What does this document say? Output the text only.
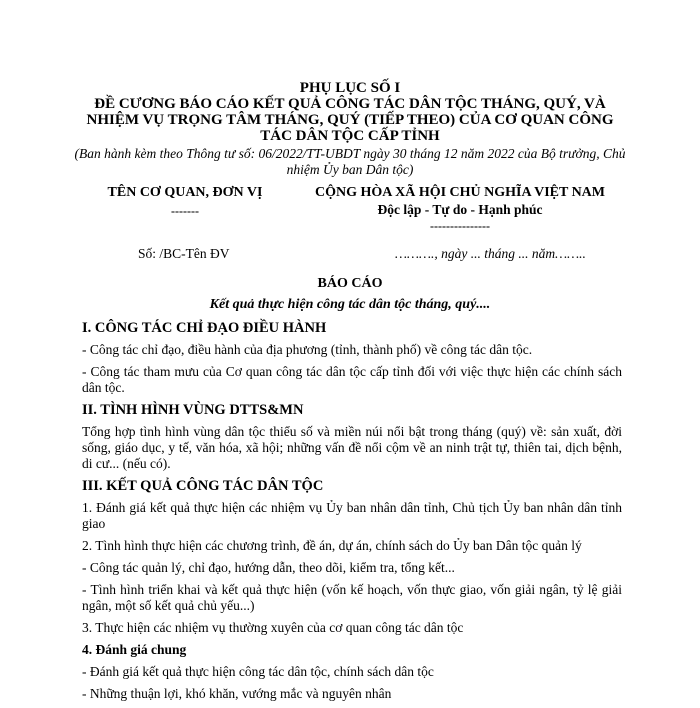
PHỤ LỤC SỐ I
ĐỀ CƯƠNG BÁO CÁO KẾT QUẢ CÔNG TÁC DÂN TỘC THÁNG, QUÝ, VÀ NHIỆM VỤ TRỌNG TÂM THÁNG, QUÝ (TIẾP THEO) CỦA CƠ QUAN CÔNG TÁC DÂN TỘC CẤP TỈNH
(Ban hành kèm theo Thông tư số: 06/2022/TT-UBDT ngày 30 tháng 12 năm 2022 của Bộ trưởng, Chủ nhiệm Ủy ban Dân tộc)
TÊN CƠ QUAN, ĐƠN VỊ
-------
CỘNG HÒA XÃ HỘI CHỦ NGHĨA VIỆT NAM
Độc lập - Tự do - Hạnh phúc
---------------
Số: /BC-Tên ĐV	………., ngày ... tháng ... năm……..
BÁO CÁO
Kết quả thực hiện công tác dân tộc tháng, quý....

I. CÔNG TÁC CHỈ ĐẠO ĐIỀU HÀNH

- Công tác chỉ đạo, điều hành của địa phương (tỉnh, thành phố) về công tác dân tộc.

- Công tác tham mưu của Cơ quan công tác dân tộc cấp tỉnh đối với việc thực hiện các chính sách dân tộc.

II. TÌNH HÌNH VÙNG DTTS&MN

Tổng hợp tình hình vùng dân tộc thiểu số và miền núi nổi bật trong tháng (quý) về: sản xuất, đời sống, giáo dục, y tế, văn hóa, xã hội; những vấn đề nổi cộm về an ninh trật tự, thiên tai, dịch bệnh, di cư... (nếu có).

III. KẾT QUẢ CÔNG TÁC DÂN TỘC

1. Đánh giá kết quả thực hiện các nhiệm vụ Ủy ban nhân dân tỉnh, Chủ tịch Ủy ban nhân dân tỉnh giao

2. Tình hình thực hiện các chương trình, đề án, dự án, chính sách do Ủy ban Dân tộc quản lý

- Công tác quản lý, chỉ đạo, hướng dẫn, theo dõi, kiểm tra, tổng kết...

- Tình hình triển khai và kết quả thực hiện (vốn kế hoạch, vốn thực giao, vốn giải ngân, tỷ lệ giải ngân, một số kết quả chủ yếu...)

3. Thực hiện các nhiệm vụ thường xuyên của cơ quan công tác dân tộc

4. Đánh giá chung

- Đánh giá kết quả thực hiện công tác dân tộc, chính sách dân tộc

- Những thuận lợi, khó khăn, vướng mắc và nguyên nhân
